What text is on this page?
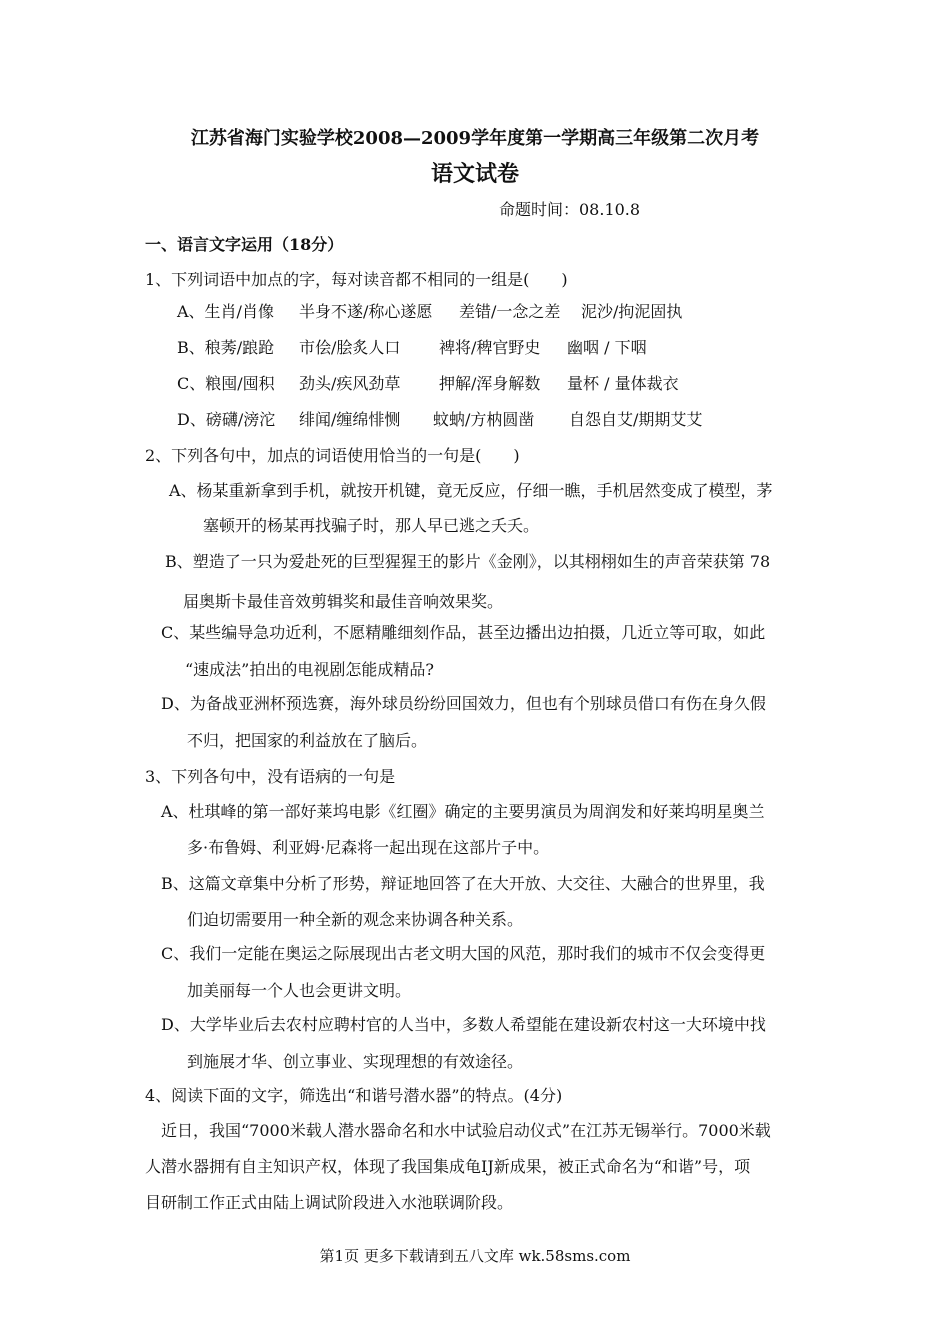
江苏省海门实验学校2008—2009学年度第一学期高三年级第二次月考
语文试卷
命题时间：08.10.8
一、语言文字运用（18分）
1、下列词语中加点的字，每对读音都不相同的一组是(　　)
A、生肖/肖像 半身不遂/称心遂愿 差错/一念之差 泥沙/拘泥固执
B、稂莠/踉跄 市侩/脍炙人口 裨将/稗官野史 幽咽 / 下咽
C、粮囤/囤积 劲头/疾风劲草 押解/浑身解数 量杯 / 量体裁衣
D、磅礴/滂沱 绯闻/缠绵悱恻 蚊蚋/方枘圆凿 自怨自艾/期期艾艾
2、下列各句中，加点的词语使用恰当的一句是(　　)
A、杨某重新拿到手机，就按开机键，竟无反应，仔细一瞧，手机居然变成了模型，茅
塞顿开的杨某再找骗子时，那人早已逃之夭夭。
B、塑造了一只为爱赴死的巨型猩猩王的影片《金刚》，以其栩栩如生的声音荣获第 78
届奥斯卡最佳音效剪辑奖和最佳音响效果奖。
C、某些编导急功近利，不愿精雕细刻作品，甚至边播出边拍摄，几近立等可取，如此
“速成法”拍出的电视剧怎能成精品?
D、为备战亚洲杯预选赛，海外球员纷纷回国效力，但也有个别球员借口有伤在身久假
不归，把国家的利益放在了脑后。
3、下列各句中，没有语病的一句是
A、杜琪峰的第一部好莱坞电影《红圈》确定的主要男演员为周润发和好莱坞明星奥兰
多·布鲁姆、利亚姆·尼森将一起出现在这部片子中。
B、这篇文章集中分析了形势，辩证地回答了在大开放、大交往、大融合的世界里，我
们迫切需要用一种全新的观念来协调各种关系。
C、我们一定能在奥运之际展现出古老文明大国的风范，那时我们的城市不仅会变得更
加美丽每一个人也会更讲文明。
D、大学毕业后去农村应聘村官的人当中，多数人希望能在建设新农村这一大环境中找
到施展才华、创立事业、实现理想的有效途径。
4、阅读下面的文字，筛选出“和谐号潜水器”的特点。(4分)
近日，我国“7000米载人潜水器命名和水中试验启动仪式”在江苏无锡举行。7000米载
人潜水器拥有自主知识产权，体现了我国集成龟IJ新成果，被正式命名为“和谐”号，项
目研制工作正式由陆上调试阶段进入水池联调阶段。
第1页 更多下载请到五八文库 wk.58sms.com
